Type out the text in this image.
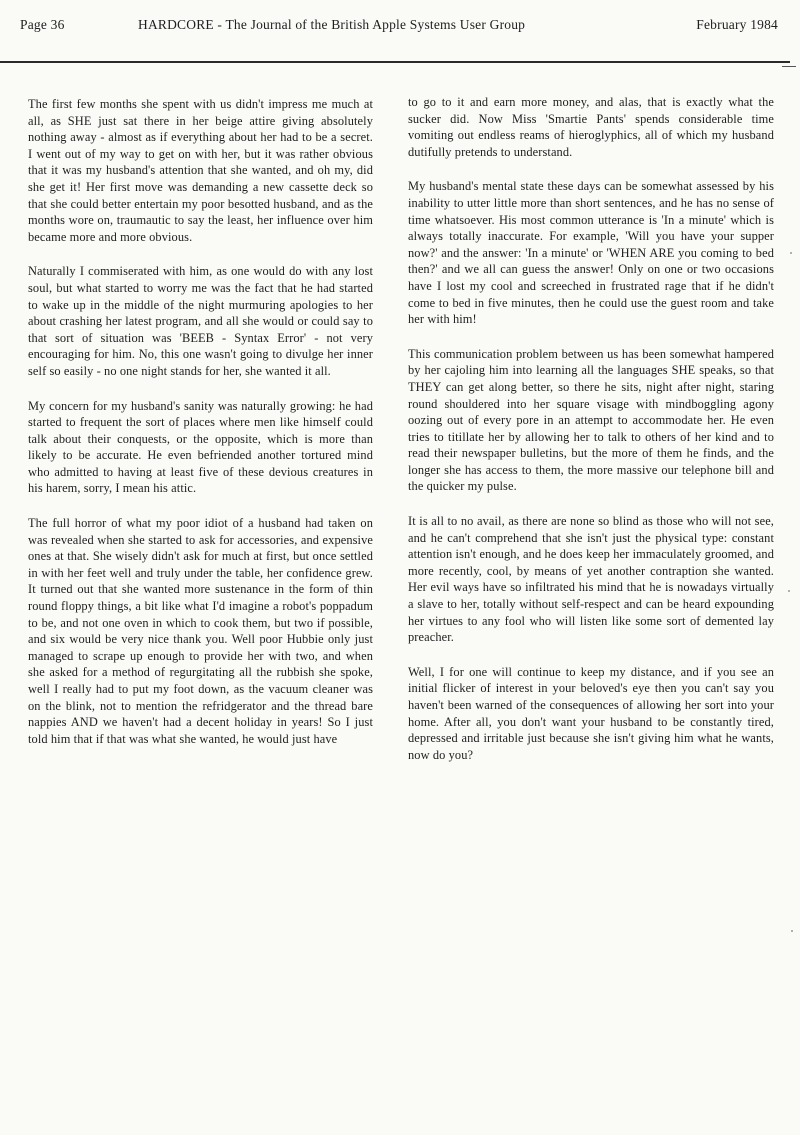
Page 36	HARDCORE - The Journal of the British Apple Systems User Group	February 1984

The first few months she spent with us didn't impress me much at all, as SHE just sat there in her beige attire giving absolutely nothing away - almost as if everything about her had to be a secret. I went out of my way to get on with her, but it was rather obvious that it was my husband's attention that she wanted, and oh my, did she get it! Her first move was demanding a new cassette deck so that she could better entertain my poor besotted husband, and as the months wore on, traumautic to say the least, her influence over him became more and more obvious.

Naturally I commiserated with him, as one would do with any lost soul, but what started to worry me was the fact that he had started to wake up in the middle of the night murmuring apologies to her about crashing her latest program, and all she would or could say to that sort of situation was 'BEEB - Syntax Error' - not very encouraging for him. No, this one wasn't going to divulge her inner self so easily - no one night stands for her, she wanted it all.

My concern for my husband's sanity was naturally growing: he had started to frequent the sort of places where men like himself could talk about their conquests, or the opposite, which is more than likely to be accurate. He even befriended another tortured mind who admitted to having at least five of these devious creatures in his harem, sorry, I mean his attic.

The full horror of what my poor idiot of a husband had taken on was revealed when she started to ask for accessories, and expensive ones at that. She wisely didn't ask for much at first, but once settled in with her feet well and truly under the table, her confidence grew. It turned out that she wanted more sustenance in the form of thin round floppy things, a bit like what I'd imagine a robot's poppadum to be, and not one oven in which to cook them, but two if possible, and six would be very nice thank you. Well poor Hubbie only just managed to scrape up enough to provide her with two, and when she asked for a method of regurgitating all the rubbish she spoke, well I really had to put my foot down, as the vacuum cleaner was on the blink, not to mention the refridgerator and the thread bare nappies AND we haven't had a decent holiday in years! So I just told him that if that was what she wanted, he would just have

to go to it and earn more money, and alas, that is exactly what the sucker did. Now Miss 'Smartie Pants' spends considerable time vomiting out endless reams of hieroglyphics, all of which my husband dutifully pretends to understand.

My husband's mental state these days can be somewhat assessed by his inability to utter little more than short sentences, and he has no sense of time whatsoever. His most common utterance is 'In a minute' which is always totally inaccurate. For example, 'Will you have your supper now?' and the answer: 'In a minute' or 'WHEN ARE you coming to bed then?' and we all can guess the answer! Only on one or two occasions have I lost my cool and screeched in frustrated rage that if he didn't come to bed in five minutes, then he could use the guest room and take her with him!

This communication problem between us has been somewhat hampered by her cajoling him into learning all the languages SHE speaks, so that THEY can get along better, so there he sits, night after night, staring round shouldered into her square visage with mindboggling agony oozing out of every pore in an attempt to accommodate her. He even tries to titillate her by allowing her to talk to others of her kind and to read their newspaper bulletins, but the more of them he finds, and the longer she has access to them, the more massive our telephone bill and the quicker my pulse.

It is all to no avail, as there are none so blind as those who will not see, and he can't comprehend that she isn't just the physical type: constant attention isn't enough, and he does keep her immaculately groomed, and more recently, cool, by means of yet another contraption she wanted. Her evil ways have so infiltrated his mind that he is nowadays virtually a slave to her, totally without self-respect and can be heard expounding her virtues to any fool who will listen like some sort of demented lay preacher.

Well, I for one will continue to keep my distance, and if you see an initial flicker of interest in your beloved's eye then you can't say you haven't been warned of the consequences of allowing her sort into your home. After all, you don't want your husband to be constantly tired, depressed and irritable just because she isn't giving him what he wants, now do you?
